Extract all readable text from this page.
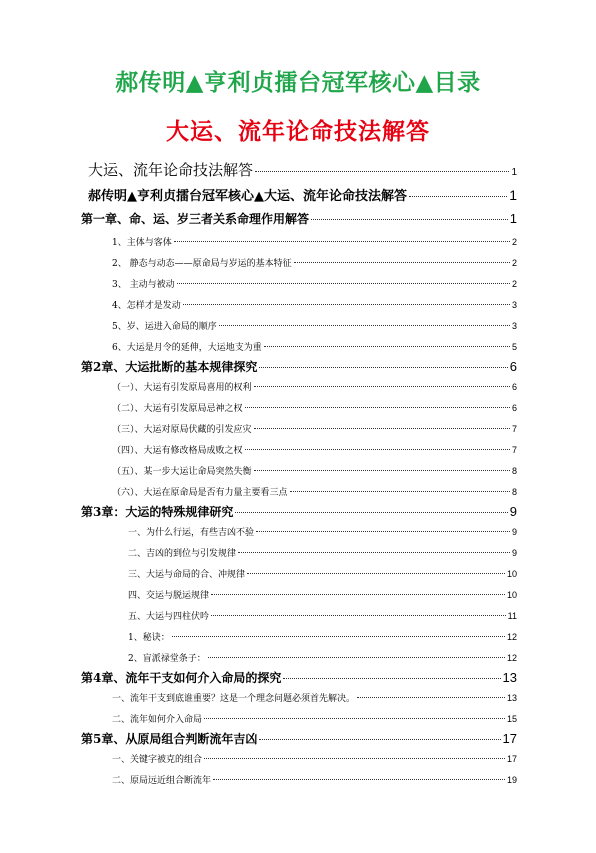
郝传明▲亨利贞擂台冠军核心▲目录
大运、流年论命技法解答
大运、流年论命技法解答	1
郝传明▲亨利贞擂台冠军核心▲大运、流年论命技法解答	1
第一章、命、运、岁三者关系命理作用解答	1
1、主体与客体	2
2、 静态与动态——原命局与岁运的基本特征	2
3、 主动与被动	2
4、怎样才是发动	3
5、岁、运进入命局的顺序	3
6、大运是月令的延伸，大运地支为重	5
第2章、大运批断的基本规律探究	6
（一）、大运有引发原局喜用的权利	6
（二）、大运有引发原局忌神之权	6
（三）、大运对原局伏藏的引发应灾	7
（四）、大运有修改格局成败之权	7
（五）、某一步大运让命局突然失衡	8
（六）、大运在原命局是否有力量主要看三点	8
第3章：大运的特殊规律研究	9
一、为什么行运，有些吉凶不验	9
二、吉凶的到位与引发规律	9
三、大运与命局的合、冲规律	10
四、交运与脱运规律	10
五、大运与四柱伏吟	11
1、秘诀：	12
2、盲派禄堂条子：	12
第4章、流年干支如何介入命局的探究	13
一、流年干支到底谁重要？这是一个理念问题必须首先解决。	13
二、流年如何介入命局	15
第5章、从原局组合判断流年吉凶	17
一、关键字被克的组合	17
二、原局远近组合断流年	19
